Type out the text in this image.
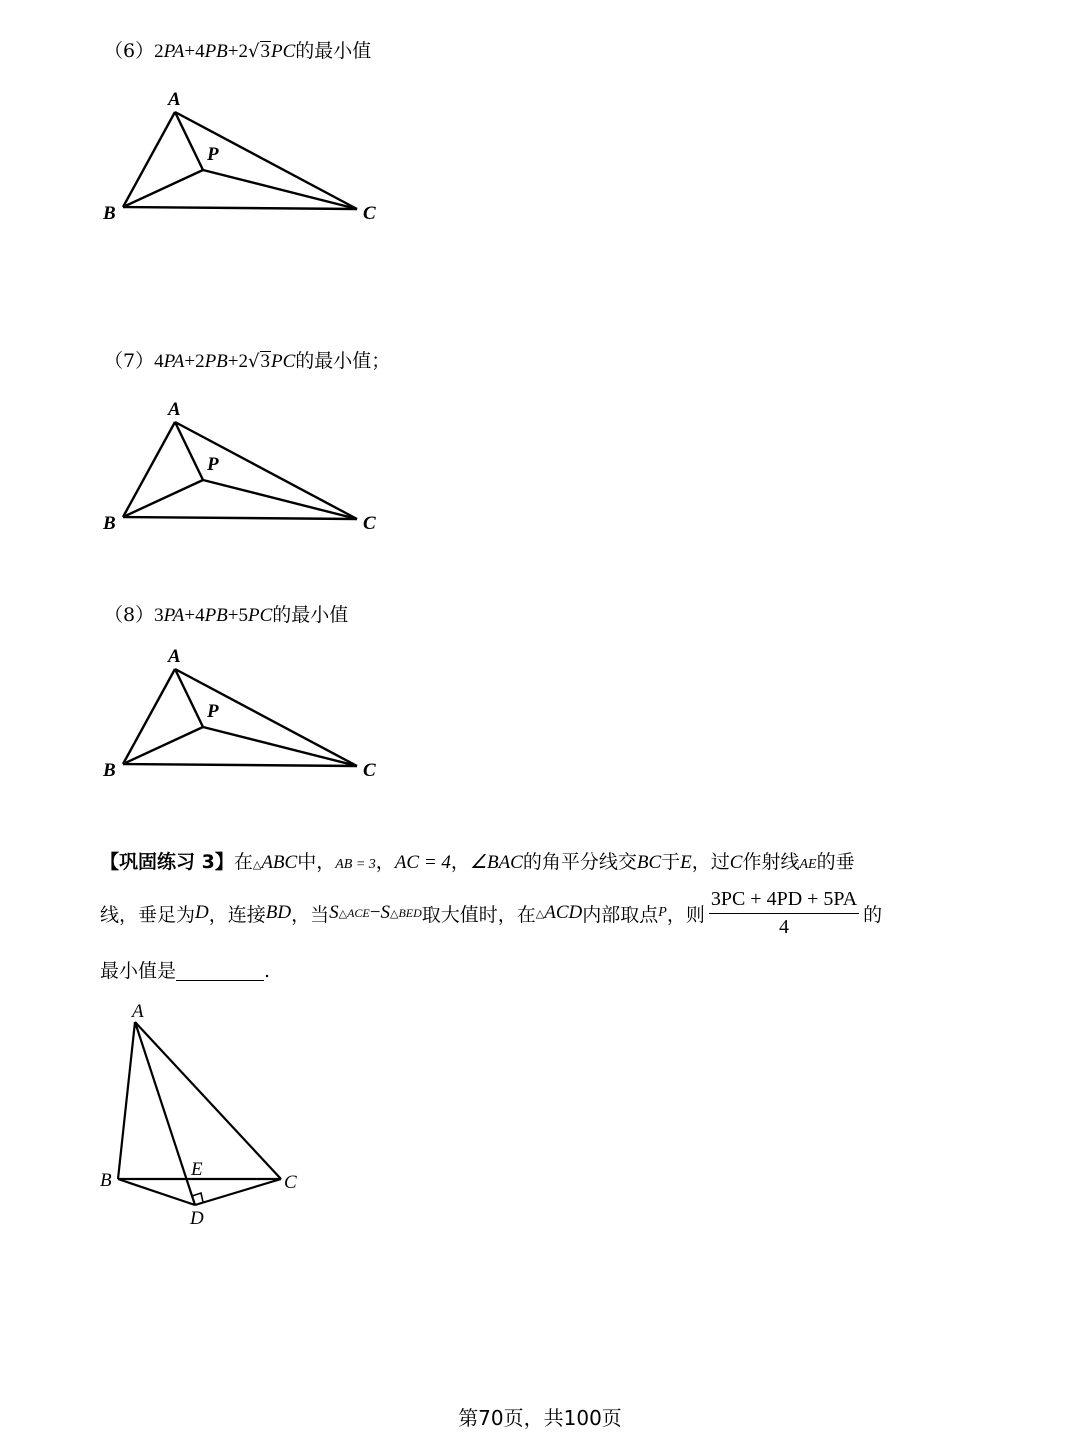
（6）2PA+4PB+2√3PC的最小值
A
B	C
P
（7）4PA+2PB+2√3PC的最小值；
A
B	C
P
（8）3PA+4PB+5PC的最小值
A
B	C
P
【巩固练习 3】在△ABC中，AB = 3，AC = 4，∠BAC的角平分线交BC于E，过C作射线AE的垂
线，垂足为 D ，连接 BD ，当 S △ACE − S △BED 取大值时，在 △ ACD 内部取点 P ，则 $\frac{3PC + 4PD + 5PA}{4}$ 的
最小值是	.
A
B	C
D
E
第70页，共100页
